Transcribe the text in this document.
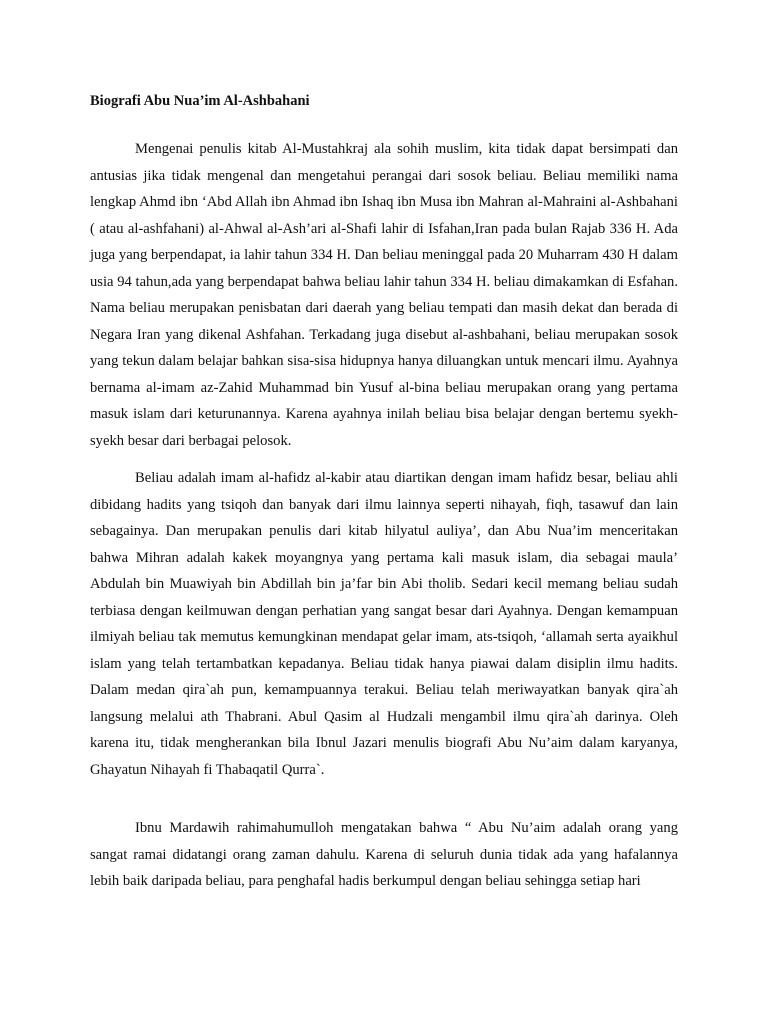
Biografi Abu Nua’im Al-Ashbahani

Mengenai penulis kitab Al-Mustahkraj ala sohih muslim, kita tidak dapat bersimpati dan antusias jika tidak mengenal dan mengetahui perangai dari sosok beliau. Beliau memiliki nama lengkap Ahmd ibn ‘Abd Allah ibn Ahmad ibn Ishaq ibn Musa ibn Mahran al-Mahraini al-Ashbahani ( atau al-ashfahani) al-Ahwal al-Ash’ari al-Shafi lahir di Isfahan,Iran pada bulan Rajab 336 H. Ada juga yang berpendapat, ia lahir tahun 334 H. Dan beliau meninggal pada 20 Muharram 430 H dalam usia 94 tahun,ada yang berpendapat bahwa beliau lahir tahun 334 H. beliau dimakamkan di Esfahan. Nama beliau merupakan penisbatan dari daerah yang beliau tempati dan masih dekat dan berada di Negara Iran yang dikenal Ashfahan. Terkadang juga disebut al-ashbahani, beliau merupakan sosok yang tekun dalam belajar bahkan sisa-sisa hidupnya hanya diluangkan untuk mencari ilmu. Ayahnya bernama al-imam az-Zahid Muhammad bin Yusuf al-bina beliau merupakan orang yang pertama masuk islam dari keturunannya. Karena ayahnya inilah beliau bisa belajar dengan bertemu syekh-syekh besar dari berbagai pelosok.

Beliau adalah imam al-hafidz al-kabir atau diartikan dengan imam hafidz besar, beliau ahli dibidang hadits yang tsiqoh dan banyak dari ilmu lainnya seperti nihayah, fiqh, tasawuf dan lain sebagainya. Dan merupakan penulis dari kitab hilyatul auliya’, dan Abu Nua’im menceritakan bahwa Mihran adalah kakek moyangnya yang pertama kali masuk islam, dia sebagai maula’ Abdulah bin Muawiyah bin Abdillah bin ja’far bin Abi tholib. Sedari kecil memang beliau sudah terbiasa dengan keilmuwan dengan perhatian yang sangat besar dari Ayahnya. Dengan kemampuan ilmiyah beliau tak memutus kemungkinan mendapat gelar imam, ats-tsiqoh, ‘allamah serta ayaikhul islam yang telah tertambatkan kepadanya. Beliau tidak hanya piawai dalam disiplin ilmu hadits. Dalam medan qira`ah pun, kemampuannya terakui. Beliau telah meriwayatkan banyak qira`ah langsung melalui ath Thabrani. Abul Qasim al Hudzali mengambil ilmu qira`ah darinya. Oleh karena itu, tidak mengherankan bila Ibnul Jazari menulis biografi Abu Nu’aim dalam karyanya, Ghayatun Nihayah fi Thabaqatil Qurra`.

Ibnu Mardawih rahimahumulloh mengatakan bahwa “ Abu Nu’aim adalah orang yang sangat ramai didatangi orang zaman dahulu. Karena di seluruh dunia tidak ada yang hafalannya lebih baik daripada beliau, para penghafal hadis berkumpul dengan beliau sehingga setiap hari
